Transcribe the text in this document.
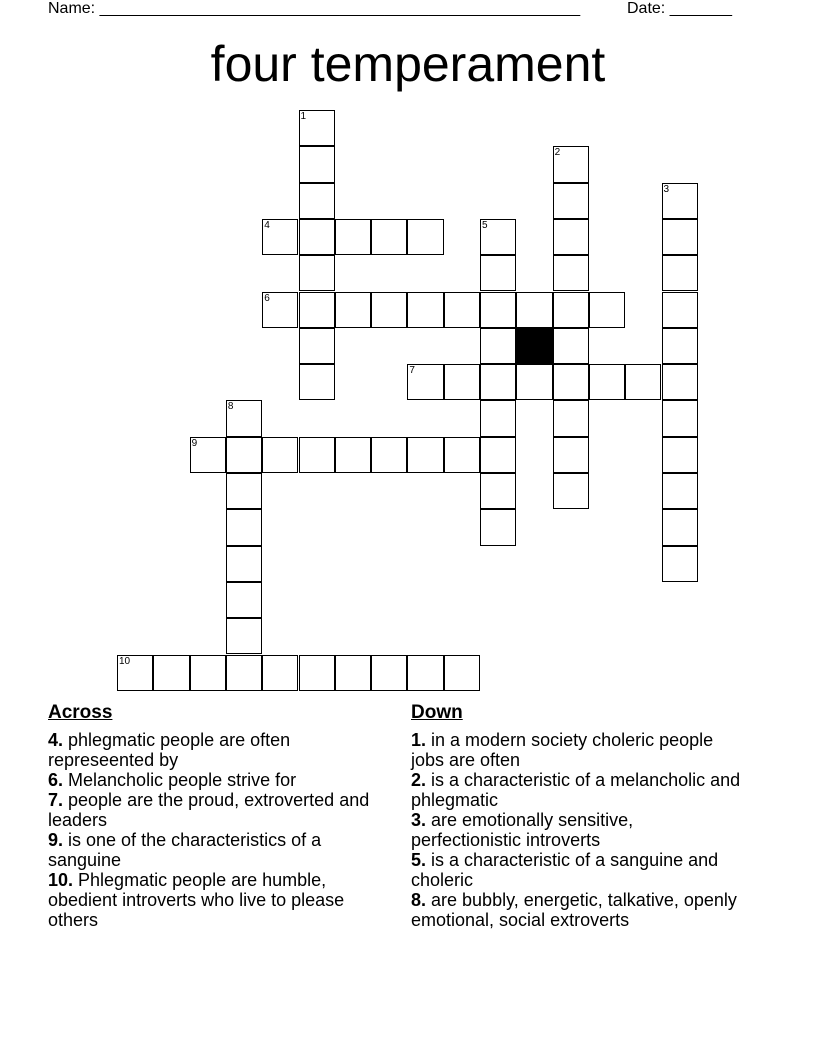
Name: ______________________________________________________	Date: _______
four temperament
1
2
3
4	5
6
7
8
9
10
Across

4. phlegmatic people are often represeented by

6. Melancholic people strive for

7. people are the proud, extroverted and leaders

9. is one of the characteristics of a sanguine

10. Phlegmatic people are humble, obedient introverts who live to please others

Down

1. in a modern society choleric people jobs are often

2. is a characteristic of a melancholic and phlegmatic

3. are emotionally sensitive, perfectionistic introverts

5. is a characteristic of a sanguine and choleric

8. are bubbly, energetic, talkative, openly emotional, social extroverts
